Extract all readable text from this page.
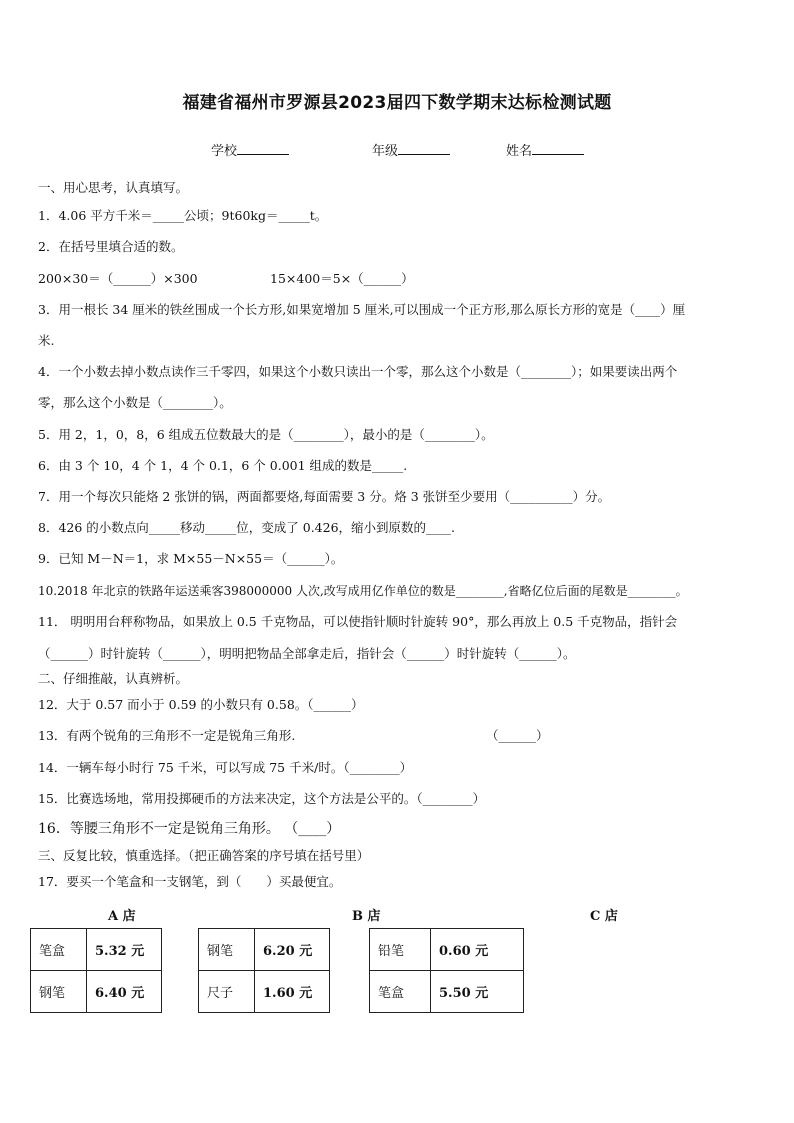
福建省福州市罗源县2023届四下数学期末达标检测试题
学校	年级	姓名
一、用心思考，认真填写。
1．4.06 平方千米＝_____公顷；9t60kg＝_____t。
2．在括号里填合适的数。
200×30＝（______）×300	15×400＝5×（______）
3．用一根长 34 厘米的铁丝围成一个长方形,如果宽增加 5 厘米,可以围成一个正方形,那么原长方形的宽是（____）厘
米.
4．一个小数去掉小数点读作三千零四，如果这个小数只读出一个零，那么这个小数是（________）；如果要读出两个
零，那么这个小数是（________）。
5．用 2，1，0，8，6 组成五位数最大的是（________），最小的是（________）。
6．由 3 个 10，4 个 1，4 个 0.1，6 个 0.001 组成的数是_____.
7．用一个每次只能烙 2 张饼的锅，两面都要烙,每面需要 3 分。烙 3 张饼至少要用（__________）分。
8．426 的小数点向_____移动_____位，变成了 0.426，缩小到原数的____.
9．已知 M－N＝1，求 M×55－N×55＝（______）。
10.2018 年北京的铁路年运送乘客398000000 人次,改写成用亿作单位的数是________,省略亿位后面的尾数是________。
11． 明明用台秤称物品，如果放上 0.5 千克物品，可以使指针顺时针旋转 90°，那么再放上 0.5 千克物品，指针会
（______）时针旋转（______），明明把物品全部拿走后，指针会（______）时针旋转（______）。
二、仔细推敲，认真辨析。
12．大于 0.57 而小于 0.59 的小数只有 0.58。（______）
13．有两个锐角的三角形不一定是锐角三角形.	（______）
14．一辆车每小时行 75 千米，可以写成 75 千米/时。（________）
15．比赛选场地，常用投掷硬币的方法来决定，这个方法是公平的。（________）
16．等腰三角形不一定是锐角三角形。 （____）
三、反复比较，慎重选择。（把正确答案的序号填在括号里）
17．要买一个笔盒和一支钢笔，到（　　）买最便宜。
A 店	B 店	C 店
笔盒	5.32 元
钢笔	6.40 元
钢笔	6.20 元
尺子	1.60 元
铅笔	0.60 元
笔盒	5.50 元
